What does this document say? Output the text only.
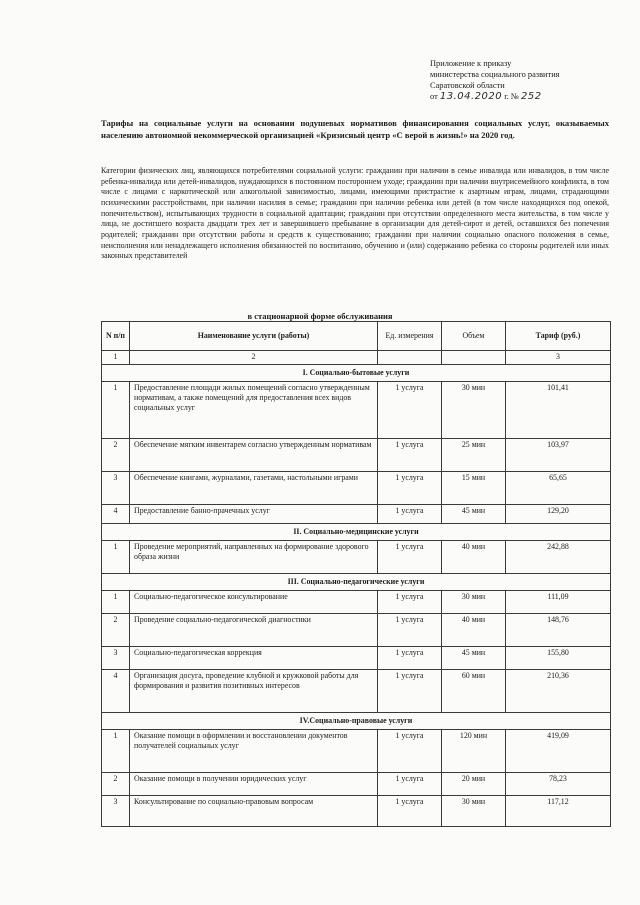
Приложение к приказу
министерства социального развития
Саратовской области
от 13.04.2020 г. № 252
Тарифы на социальные услуги на основании подушевых нормативов финансирования социальных услуг, оказываемых населению автономной некоммерческой организацией «Кризисный центр «С верой в жизнь!» на 2020 год.
Категории физических лиц, являющихся потребителями социальной услуги: гражданин при наличии в семье инвалида или инвалидов, в том числе ребенка-инвалида или детей-инвалидов, нуждающихся в постоянном постороннем уходе; гражданин при наличии внутрисемейного конфликта, в том числе с лицами с наркотической или алкогольной зависимостью, лицами, имеющими пристрастие к азартным играм, лицами, страдающими психическими расстройствами, при наличии насилия в семье; гражданин при наличии ребенка или детей (в том числе находящихся под опекой, попечительством), испытывающих трудности в социальной адаптации; гражданин при отсутствии определенного места жительства, в том числе у лица, не достигшего возраста двадцати трех лет и завершившего пребывание в организации для детей-сирот и детей, оставшихся без попечения родителей; гражданин при отсутствии работы и средств к существованию; гражданин при наличии социально опасного положения в семье, неисполнения или ненадлежащего исполнения обязанностей по воспитанию, обучению и (или) содержанию ребенка со стороны родителей или иных законных представителей
в стационарной форме обслуживания
N п/п	Наименование услуги (работы)	Ед. измерения	Объем	Тариф (руб.)
1	2			3
I. Социально-бытовые услуги				
1	Предоставление площади жилых помещений согласно утвержденным нормативам, а также помещений для предоставления всех видов социальных услуг	1 услуга	30 мин	101,41
2	Обеспечение мягким инвентарем согласно утвержденным нормативам	1 услуга	25 мин	103,97
3	Обеспечение книгами, журналами, газетами, настольными играми	1 услуга	15 мин	65,65
4	Предоставление банно-прачечных услуг	1 услуга	45 мин	129,20
II. Социально-медицинские услуги				
1	Проведение мероприятий, направленных на формирование здорового образа жизни	1 услуга	40 мин	242,88
III. Социально-педагогические услуги				
1	Социально-педагогическое консультирование	1 услуга	30 мин	111,09
2	Проведение социально-педагогической диагностики	1 услуга	40 мин	148,76
3	Социально-педагогическая коррекция	1 услуга	45 мин	155,80
4	Организация досуга, проведение клубной и кружковой работы для формирования и развития позитивных интересов	1 услуга	60 мин	210,36
IV.Социально-правовые услуги				
1	Оказание помощи в оформлении и восстановлении документов получателей социальных услуг	1 услуга	120 мин	419,09
2	Оказание помощи в получении юридических услуг	1 услуга	20 мин	78,23
3	Консультирование по социально-правовым вопросам	1 услуга	30 мин	117,12
